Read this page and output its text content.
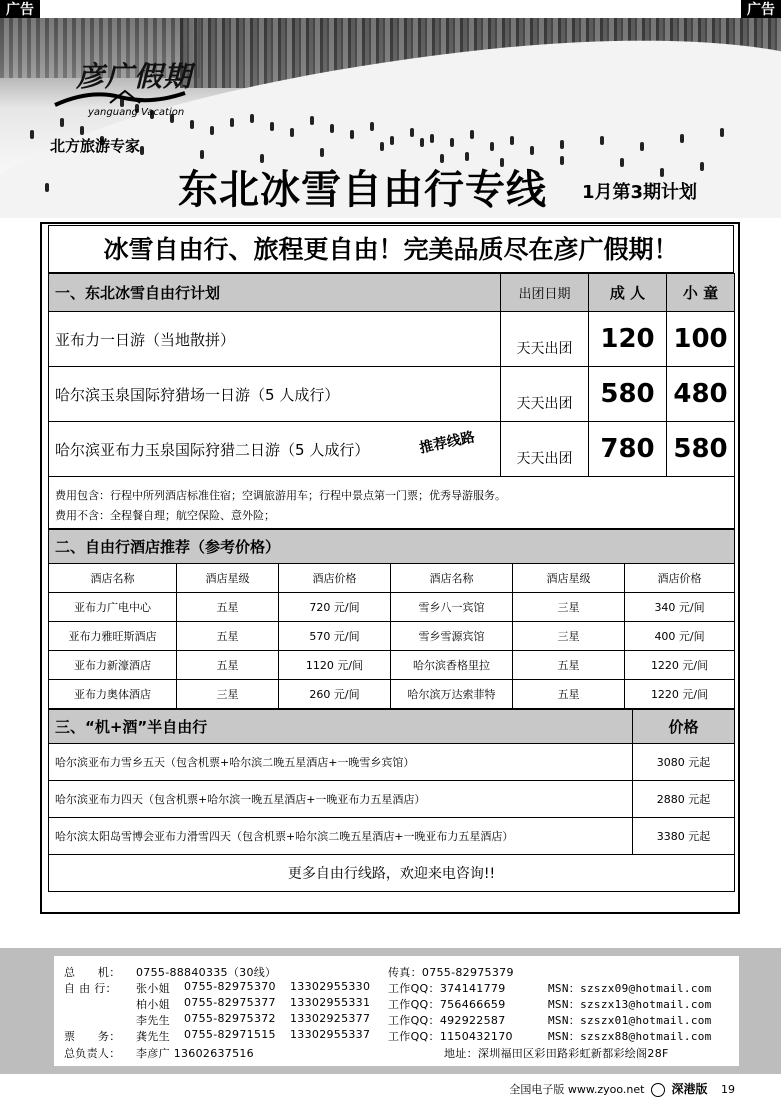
广告	广告
彦广假期
yanguang Vacation
北方旅游专家
东北冰雪自由行专线 1月第3期计划
冰雪自由行、旅程更自由！完美品质尽在彦广假期！
一、东北冰雪自由行计划	出团日期	成 人	小 童
亚布力一日游（当地散拼）	天天出团	120	100
哈尔滨玉泉国际狩猎场一日游（5 人成行）	天天出团	580	480
哈尔滨亚布力玉泉国际狩猎二日游（5 人成行） 推荐线路	天天出团	780	580
费用包含：行程中所列酒店标准住宿；空调旅游用车；行程中景点第一门票；优秀导游服务。			
费用不含：全程餐自理；航空保险、意外险；			
二、自由行酒店推荐（参考价格）					
酒店名称	酒店星级	酒店价格	酒店名称	酒店星级	酒店价格
亚布力广电中心	五星	720 元/间	雪乡八一宾馆	三星	340 元/间
亚布力雅旺斯酒店	五星	570 元/间	雪乡雪源宾馆	三星	400 元/间
亚布力新濠酒店	五星	1120 元/间	哈尔滨香格里拉	五星	1220 元/间
亚布力奥体酒店	三星	260 元/间	哈尔滨万达索菲特	五星	1220 元/间
三、“机+酒”半自由行	价格
哈尔滨亚布力雪乡五天（包含机票+哈尔滨二晚五星酒店+一晚雪乡宾馆）	3080 元起
哈尔滨亚布力四天（包含机票+哈尔滨一晚五星酒店+一晚亚布力五星酒店）	2880 元起
哈尔滨太阳岛雪博会亚布力滑雪四天（包含机票+哈尔滨二晚五星酒店+一晚亚布力五星酒店）	3380 元起
更多自由行线路，欢迎来电咨询!!	
总　　机： 0755-88840335（30线）	传真：0755-82975379
自 由 行：
票　　务：
张小姐 0755-82975370 13302955330 工作QQ：374141779	MSN：szszx09@hotmail.com
柏小姐 0755-82975377 13302955331 工作QQ：756466659	MSN：szszx13@hotmail.com
李先生 0755-82975372 13302925377 工作QQ：492922587	MSN：szszx01@hotmail.com
龚先生 0755-82971515 13302955337 工作QQ：1150432170	MSN：szszx88@hotmail.com
总负责人： 李彦广 13602637516	地址：深圳福田区彩田路彩虹新都彩绘阁28F
全国电子版 www.zyoo.net 深港版 19
